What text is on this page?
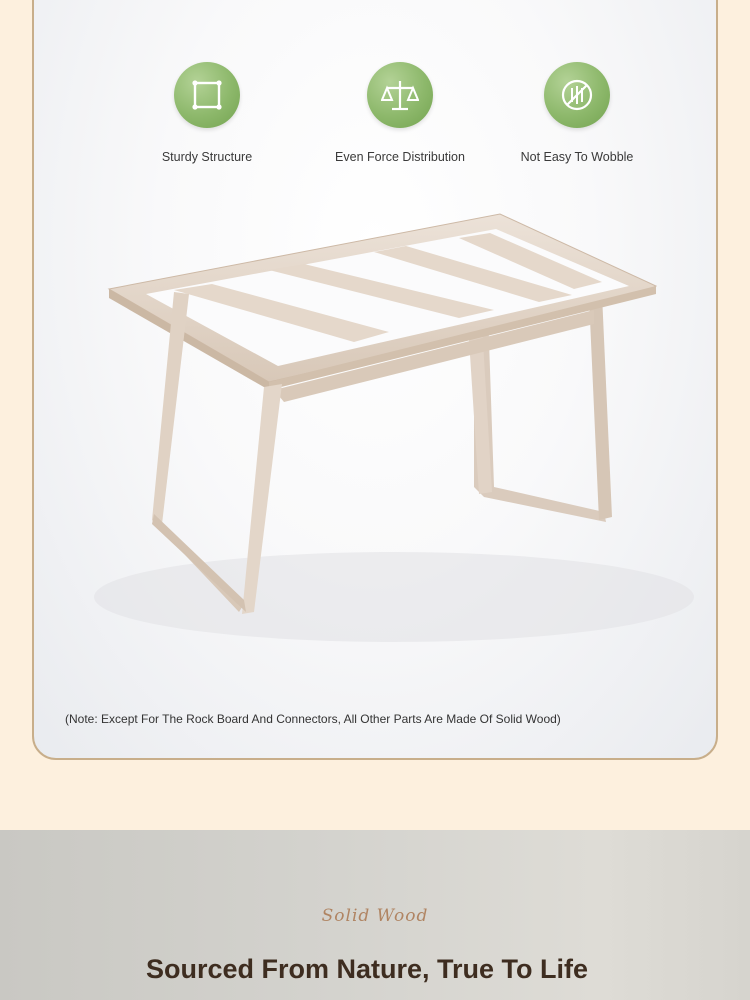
Sturdy Structure	Even Force Distribution	Not Easy To Wobble
(Note: Except For The Rock Board And Connectors, All Other Parts Are Made Of Solid Wood)
Solid Wood
Sourced From Nature, True To Life
